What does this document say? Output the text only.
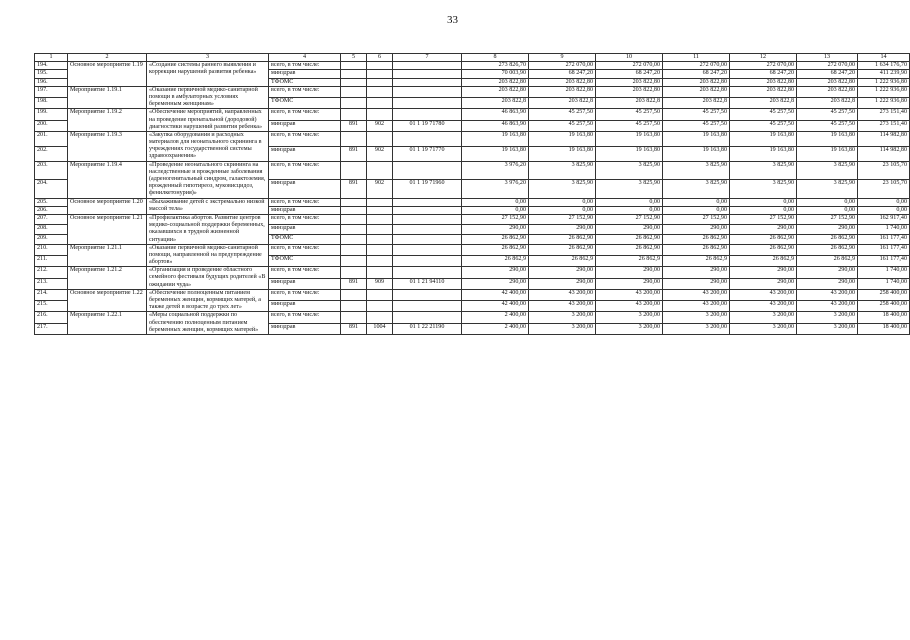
33
1	2	3	4	5	6	7	8	9	10	11	12	13	14
194.	Основное мероприятие 1.19	«Создание системы раннего выявления и коррекции нарушений развития ребенка»	всего, в том числе:				273 826,70	272 070,00	272 070,00	272 070,00	272 070,00	272 070,00	1 634 176,70
195.			минздрав				70 003,90	68 247,20	68 247,20	68 247,20	68 247,20	68 247,20	411 239,90
196.			ТФОМС				203 822,80	203 822,80	203 822,80	203 822,80	203 822,80	203 822,80	1 222 936,80
197.	Мероприятие 1.19.1	«Оказание первичной медико-санитарной помощи в амбулаторных условиях беременным женщинам»	всего, в том числе:				203 822,80	203 822,80	203 822,80	203 822,80	203 822,80	203 822,80	1 222 936,80
198.			ТФОМС				203 822,8	203 822,8	203 822,8	203 822,8	203 822,8	203 822,8	1 222 936,80
199.	Мероприятие 1.19.2	«Обеспечение мероприятий, направленных на проведение пренатальной (дородовой) диагностики нарушений развития ребенка»	всего, в том числе:				46 863,90	45 257,50	45 257,50	45 257,50	45 257,50	45 257,50	273 151,40
200.			минздрав	891	902	01 1 19 71780	46 863,90	45 257,50	45 257,50	45 257,50	45 257,50	45 257,50	273 151,40
201.	Мероприятие 1.19.3	«Закупка оборудования и расходных материалов для неонатального скрининга в учреждениях государственной системы здравоохранения»	всего, в том числе:				19 163,80	19 163,80	19 163,80	19 163,80	19 163,80	19 163,80	114 982,80
202.			минздрав	891	902	01 1 19 71770	19 163,80	19 163,80	19 163,80	19 163,80	19 163,80	19 163,80	114 982,80
203.	Мероприятие 1.19.4	«Проведение неонатального скрининга на наследственные и врожденные заболевания (адреногенитальный синдром, галактоземия, врожденный гипотиреоз, муковисцидоз, фенилкетонурия)»	всего, в том числе:				3 976,20	3 825,90	3 825,90	3 825,90	3 825,90	3 825,90	23 105,70
204.			минздрав	891	902	01 1 19 71960	3 976,20	3 825,90	3 825,90	3 825,90	3 825,90	3 825,90	23 105,70
205.	Основное мероприятие 1.20	«Выхаживание детей с экстремально низкой массой тела»	всего, в том числе:				0,00	0,00	0,00	0,00	0,00	0,00	0,00
206.			минздрав				0,00	0,00	0,00	0,00	0,00	0,00	0,00
207.	Основное мероприятие 1.21	«Профилактика абортов. Развитие центров медико-социальной поддержки беременных, оказавшихся в трудной жизненной ситуации»	всего, в том числе:				27 152,90	27 152,90	27 152,90	27 152,90	27 152,90	27 152,90	162 917,40
208.			минздрав				290,00	290,00	290,00	290,00	290,00	290,00	1 740,00
209.			ТФОМС				26 862,90	26 862,90	26 862,90	26 862,90	26 862,90	26 862,90	161 177,40
210.	Мероприятие 1.21.1	«Оказание первичной медико-санитарной помощи, направленной на предупреждение абортов»	всего, в том числе:				26 862,90	26 862,90	26 862,90	26 862,90	26 862,90	26 862,90	161 177,40
211.			ТФОМС				26 862,9	26 862,9	26 862,9	26 862,9	26 862,9	26 862,9	161 177,40
212.	Мероприятие 1.21.2	«Организация и проведение областного семейного фестиваля будущих родителей «В ожидании чуда»	всего, в том числе:				290,00	290,00	290,00	290,00	290,00	290,00	1 740,00
213.			минздрав	891	909	01 1 21 94110	290,00	290,00	290,00	290,00	290,00	290,00	1 740,00
214.	Основное мероприятие 1.22	«Обеспечение полноценным питанием беременных женщин, кормящих матерей, а также детей в возрасте до трех лет»	всего, в том числе:				42 400,00	43 200,00	43 200,00	43 200,00	43 200,00	43 200,00	258 400,00
215.			минздрав				42 400,00	43 200,00	43 200,00	43 200,00	43 200,00	43 200,00	258 400,00
216.	Мероприятие 1.22.1	«Меры социальной поддержки по обеспечению полноценным питанием беременных женщин, кормящих матерей»	всего, в том числе:				2 400,00	3 200,00	3 200,00	3 200,00	3 200,00	3 200,00	18 400,00
217.			минздрав	891	1004	01 1 22 21190	2 400,00	3 200,00	3 200,00	3 200,00	3 200,00	3 200,00	18 400,00
